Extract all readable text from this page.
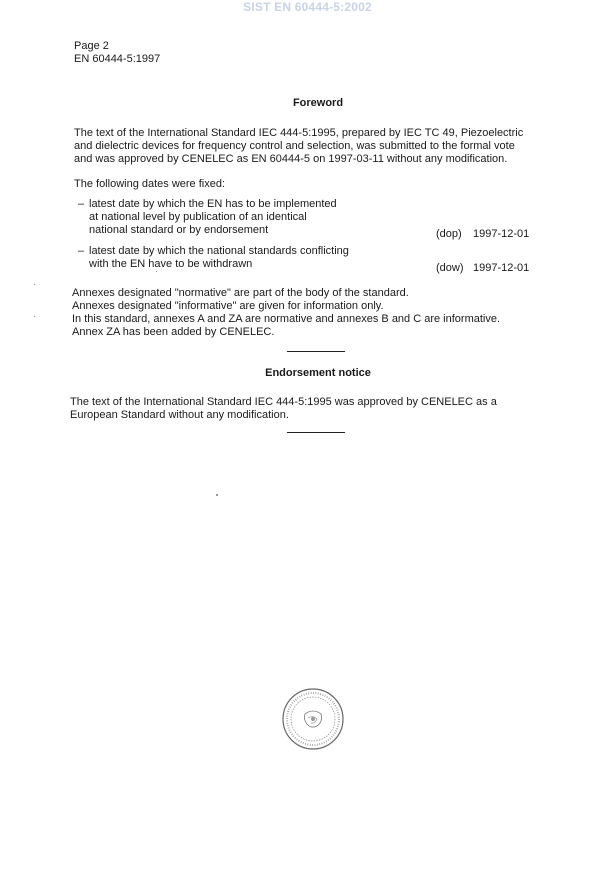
SIST EN 60444-5:2002
Page 2
EN 60444-5:1997
Foreword
The text of the International Standard IEC 444-5:1995, prepared by IEC TC 49, Piezoelectric
and dielectric devices for frequency control and selection, was submitted to the formal vote
and was approved by CENELEC as EN 60444-5 on 1997-03-11 without any modification.
The following dates were fixed:
– latest date by which the EN has to be implemented
at national level by publication of an identical
national standard or by endorsement	(dop) 1997-12-01
– latest date by which the national standards conflicting
with the EN have to be withdrawn	(dow) 1997-12-01
Annexes designated "normative" are part of the body of the standard.
Annexes designated "informative" are given for information only.
In this standard, annexes A and ZA are normative and annexes B and C are informative.
Annex ZA has been added by CENELEC.
Endorsement notice
The text of the International Standard IEC 444-5:1995 was approved by CENELEC as a
European Standard without any modification.
